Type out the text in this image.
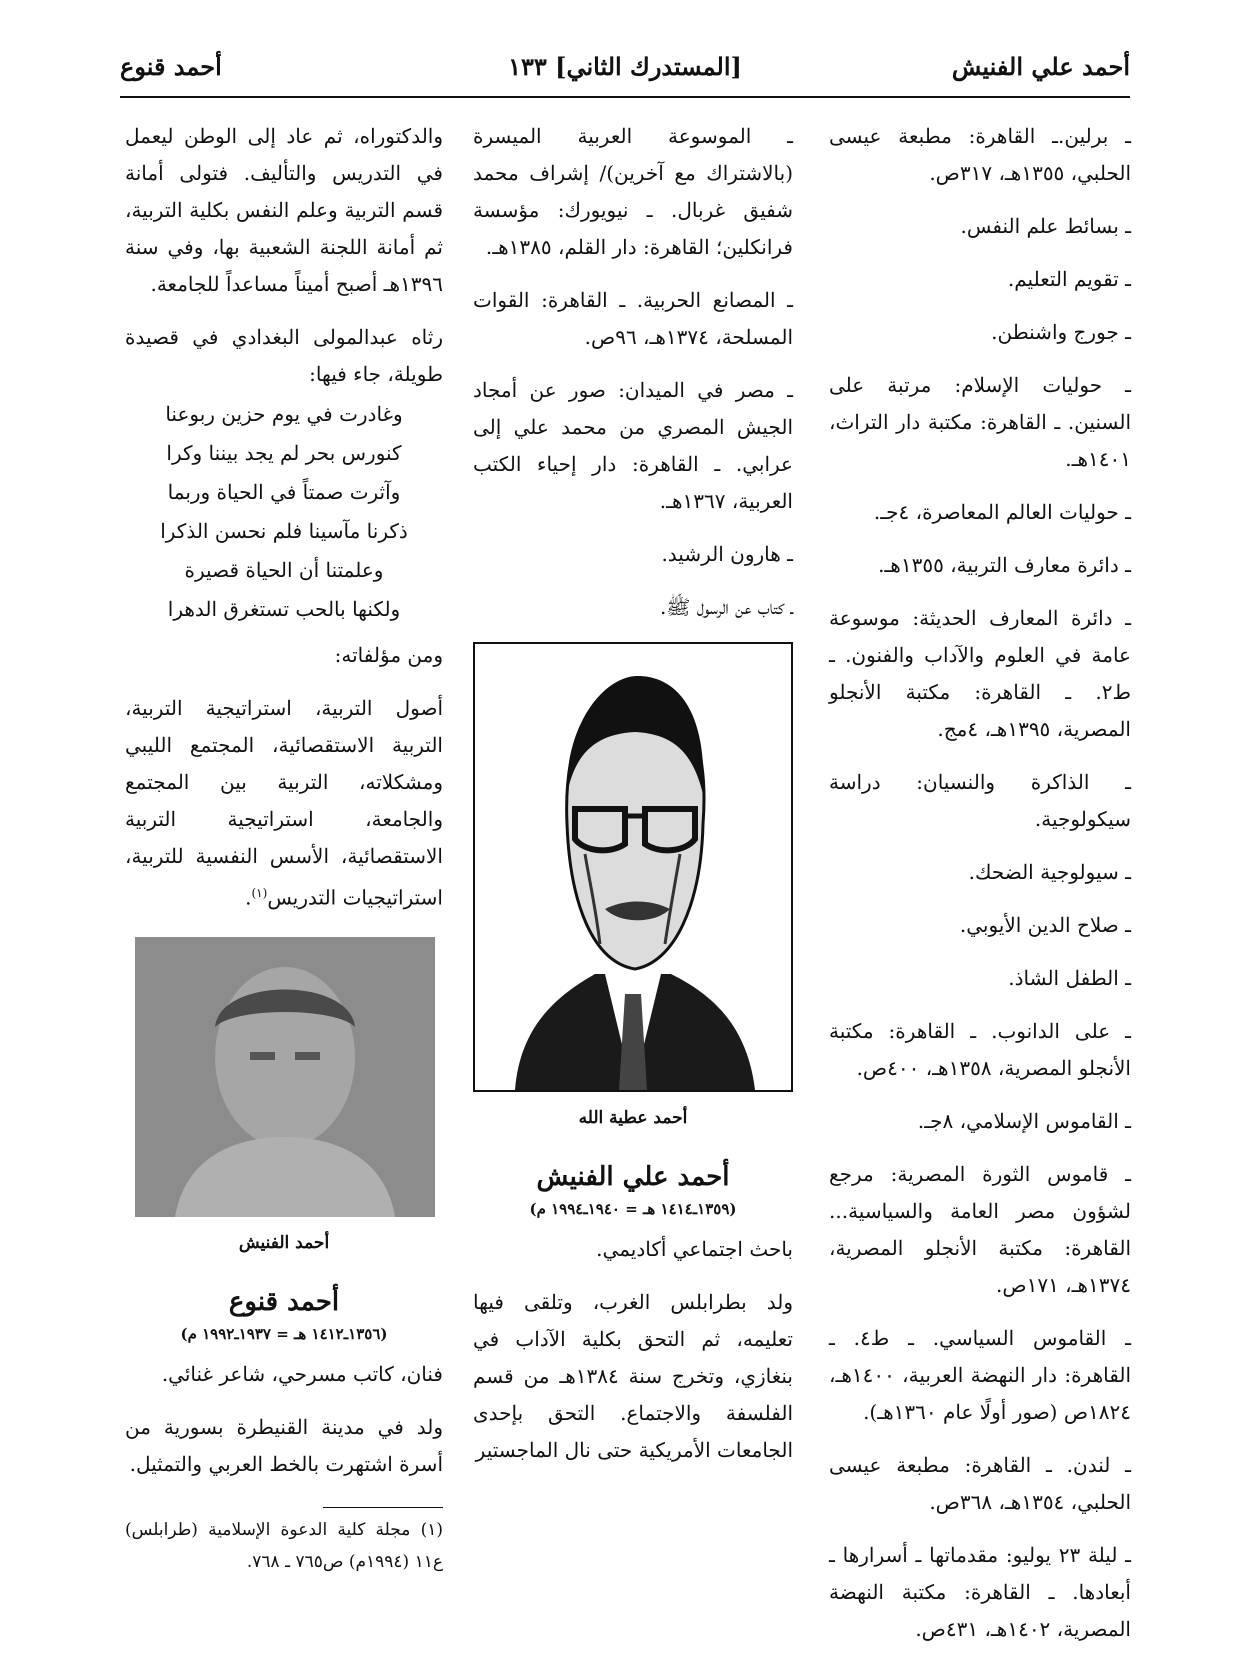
أحمد علي الفنيش
[المستدرك الثاني] ١٣٣
أحمد قنوع

ـ برلين.ـ القاهرة: مطبعة عيسى الحلبي، ١٣٥٥هـ، ٣١٧ص.

ـ بسائط علم النفس.

ـ تقويم التعليم.

ـ جورج واشنطن.

ـ حوليات الإسلام: مرتبة على السنين. ـ القاهرة: مكتبة دار التراث، ١٤٠١هـ.

ـ حوليات العالم المعاصرة، ٤جـ.

ـ دائرة معارف التربية، ١٣٥٥هـ.

ـ دائرة المعارف الحديثة: موسوعة عامة في العلوم والآداب والفنون. ـ ط٢. ـ القاهرة: مكتبة الأنجلو المصرية، ١٣٩٥هـ، ٤مج.

ـ الذاكرة والنسيان: دراسة سيكولوجية.

ـ سيولوجية الضحك.

ـ صلاح الدين الأيوبي.

ـ الطفل الشاذ.

ـ على الدانوب. ـ القاهرة: مكتبة الأنجلو المصرية، ١٣٥٨هـ، ٤٠٠ص.

ـ القاموس الإسلامي، ٨جـ.

ـ قاموس الثورة المصرية: مرجع لشؤون مصر العامة والسياسية... القاهرة: مكتبة الأنجلو المصرية، ١٣٧٤هـ، ١٧١ص.

ـ القاموس السياسي. ـ ط٤. ـ القاهرة: دار النهضة العربية، ١٤٠٠هـ، ١٨٢٤ص (صور أولًا عام ١٣٦٠هـ).

ـ لندن. ـ القاهرة: مطبعة عيسى الحلبي، ١٣٥٤هـ، ٣٦٨ص.

ـ ليلة ٢٣ يوليو: مقدماتها ـ أسرارها ـ أبعادها. ـ القاهرة: مكتبة النهضة المصرية، ١٤٠٢هـ، ٤٣١ص.

ـ الموسوعة العربية الميسرة (بالاشتراك مع آخرين)/ إشراف محمد شفيق غربال. ـ نيويورك: مؤسسة فرانكلين؛ القاهرة: دار القلم، ١٣٨٥هـ.

ـ المصانع الحربية. ـ القاهرة: القوات المسلحة، ١٣٧٤هـ، ٩٦ص.

ـ مصر في الميدان: صور عن أمجاد الجيش المصري من محمد علي إلى عرابي. ـ القاهرة: دار إحياء الكتب العربية، ١٣٦٧هـ.

ـ هارون الرشيد.

ـ كتاب عن الرسول ﷺ.

أحمد عطية الله

أحمد علي الفنيش

(١٣٥٩ـ١٤١٤ هـ = ١٩٤٠ـ١٩٩٤ م)

باحث اجتماعي أكاديمي.

ولد بطرابلس الغرب، وتلقى فيها تعليمه، ثم التحق بكلية الآداب في بنغازي، وتخرج سنة ١٣٨٤هـ من قسم الفلسفة والاجتماع. التحق بإحدى الجامعات الأمريكية حتى نال الماجستير

والدكتوراه، ثم عاد إلى الوطن ليعمل في التدريس والتأليف. فتولى أمانة قسم التربية وعلم النفس بكلية التربية، ثم أمانة اللجنة الشعبية بها، وفي سنة ١٣٩٦هـ أصبح أميناً مساعداً للجامعة.

رثاه عبدالمولى البغدادي في قصيدة طويلة، جاء فيها:

وغادرت في يوم حزين ربوعنا

كنورس بحر لم يجد بيننا وكرا

وآثرت صمتاً في الحياة وربما

ذكرنا مآسينا فلم نحسن الذكرا

وعلمتنا أن الحياة قصيرة

ولكنها بالحب تستغرق الدهرا

ومن مؤلفاته:

أصول التربية، استراتيجية التربية، التربية الاستقصائية، المجتمع الليبي ومشكلاته، التربية بين المجتمع والجامعة، استراتيجية التربية الاستقصائية، الأسس النفسية للتربية، استراتيجيات التدريس$^{(١)}$.

أحمد الفنيش

أحمد قنوع

(١٣٥٦ـ١٤١٢ هـ = ١٩٣٧ـ١٩٩٢ م)

فنان، كاتب مسرحي، شاعر غنائي.

ولد في مدينة القنيطرة بسورية من أسرة اشتهرت بالخط العربي والتمثيل.

(١) مجلة كلية الدعوة الإسلامية (طرابلس) ع١١ (١٩٩٤م) ص٧٦٥ ـ ٧٦٨.
